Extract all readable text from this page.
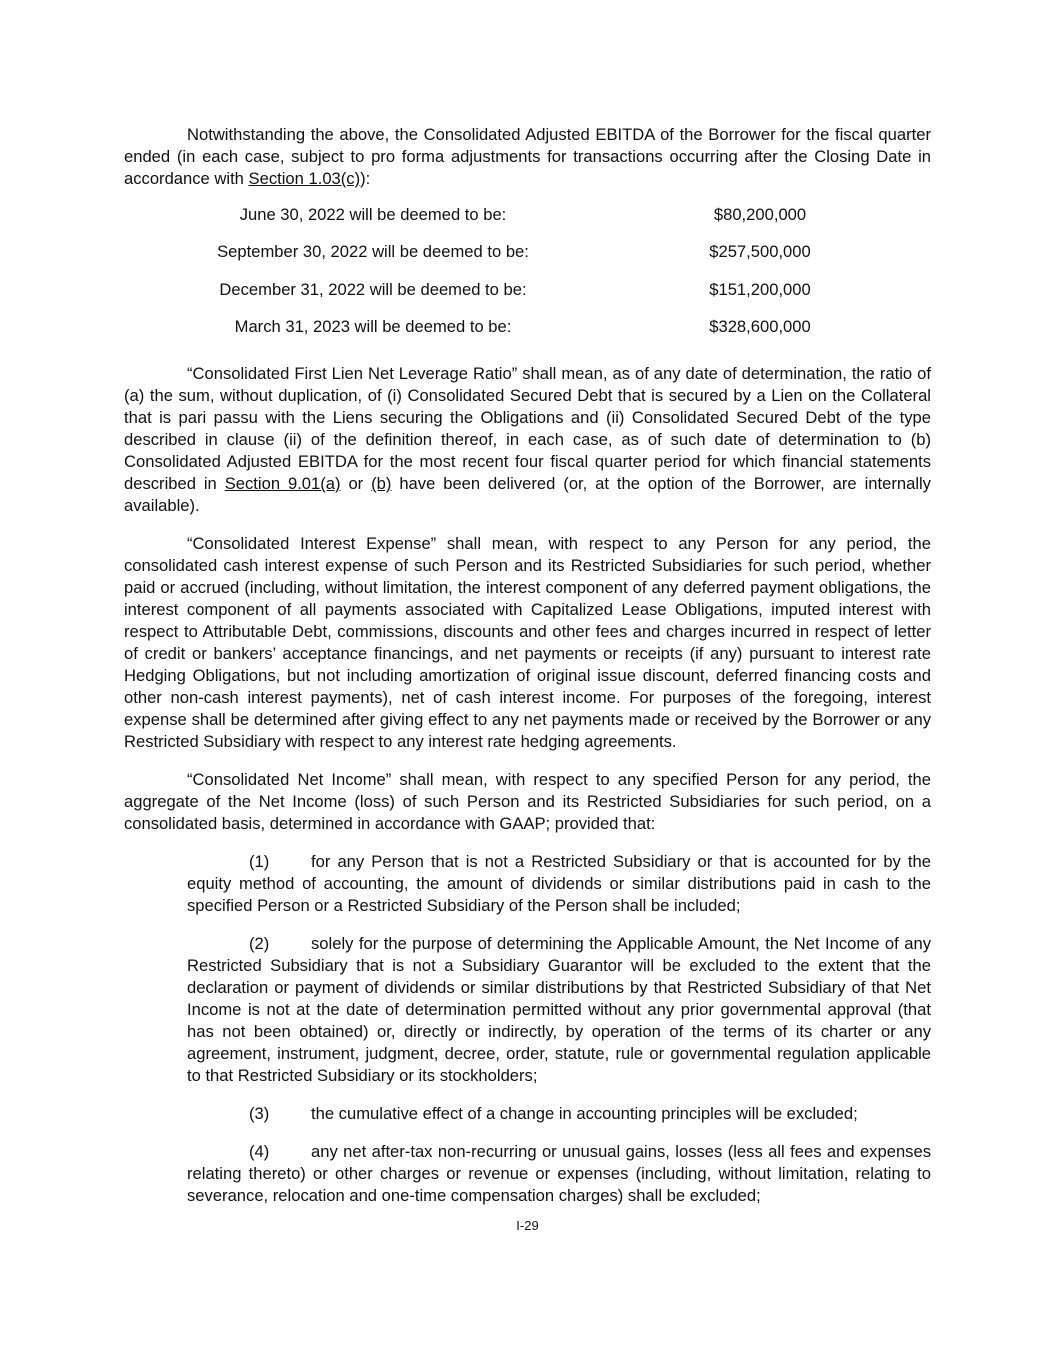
Notwithstanding the above, the Consolidated Adjusted EBITDA of the Borrower for the fiscal quarter ended (in each case, subject to pro forma adjustments for transactions occurring after the Closing Date in accordance with Section 1.03(c)):

June 30, 2022 will be deemed to be:	$80,200,000
September 30, 2022 will be deemed to be:	$257,500,000
December 31, 2022 will be deemed to be:	$151,200,000
March 31, 2023 will be deemed to be:	$328,600,000

“Consolidated First Lien Net Leverage Ratio” shall mean, as of any date of determination, the ratio of (a) the sum, without duplication, of (i) Consolidated Secured Debt that is secured by a Lien on the Collateral that is pari passu with the Liens securing the Obligations and (ii) Consolidated Secured Debt of the type described in clause (ii) of the definition thereof, in each case, as of such date of determination to (b) Consolidated Adjusted EBITDA for the most recent four fiscal quarter period for which financial statements described in Section 9.01(a) or (b) have been delivered (or, at the option of the Borrower, are internally available).

“Consolidated Interest Expense” shall mean, with respect to any Person for any period, the consolidated cash interest expense of such Person and its Restricted Subsidiaries for such period, whether paid or accrued (including, without limitation, the interest component of any deferred payment obligations, the interest component of all payments associated with Capitalized Lease Obligations, imputed interest with respect to Attributable Debt, commissions, discounts and other fees and charges incurred in respect of letter of credit or bankers’ acceptance financings, and net payments or receipts (if any) pursuant to interest rate Hedging Obligations, but not including amortization of original issue discount, deferred financing costs and other non-cash interest payments), net of cash interest income. For purposes of the foregoing, interest expense shall be determined after giving effect to any net payments made or received by the Borrower or any Restricted Subsidiary with respect to any interest rate hedging agreements.

“Consolidated Net Income” shall mean, with respect to any specified Person for any period, the aggregate of the Net Income (loss) of such Person and its Restricted Subsidiaries for such period, on a consolidated basis, determined in accordance with GAAP; provided that:

(1)	for any Person that is not a Restricted Subsidiary or that is accounted for by the equity method of accounting, the amount of dividends or similar distributions paid in cash to the specified Person or a Restricted Subsidiary of the Person shall be included;

(2)	solely for the purpose of determining the Applicable Amount, the Net Income of any Restricted Subsidiary that is not a Subsidiary Guarantor will be excluded to the extent that the declaration or payment of dividends or similar distributions by that Restricted Subsidiary of that Net Income is not at the date of determination permitted without any prior governmental approval (that has not been obtained) or, directly or indirectly, by operation of the terms of its charter or any agreement, instrument, judgment, decree, order, statute, rule or governmental regulation applicable to that Restricted Subsidiary or its stockholders;

(3)	the cumulative effect of a change in accounting principles will be excluded;

(4)	any net after-tax non-recurring or unusual gains, losses (less all fees and expenses relating thereto) or other charges or revenue or expenses (including, without limitation, relating to severance, relocation and one-time compensation charges) shall be excluded;

I-29
